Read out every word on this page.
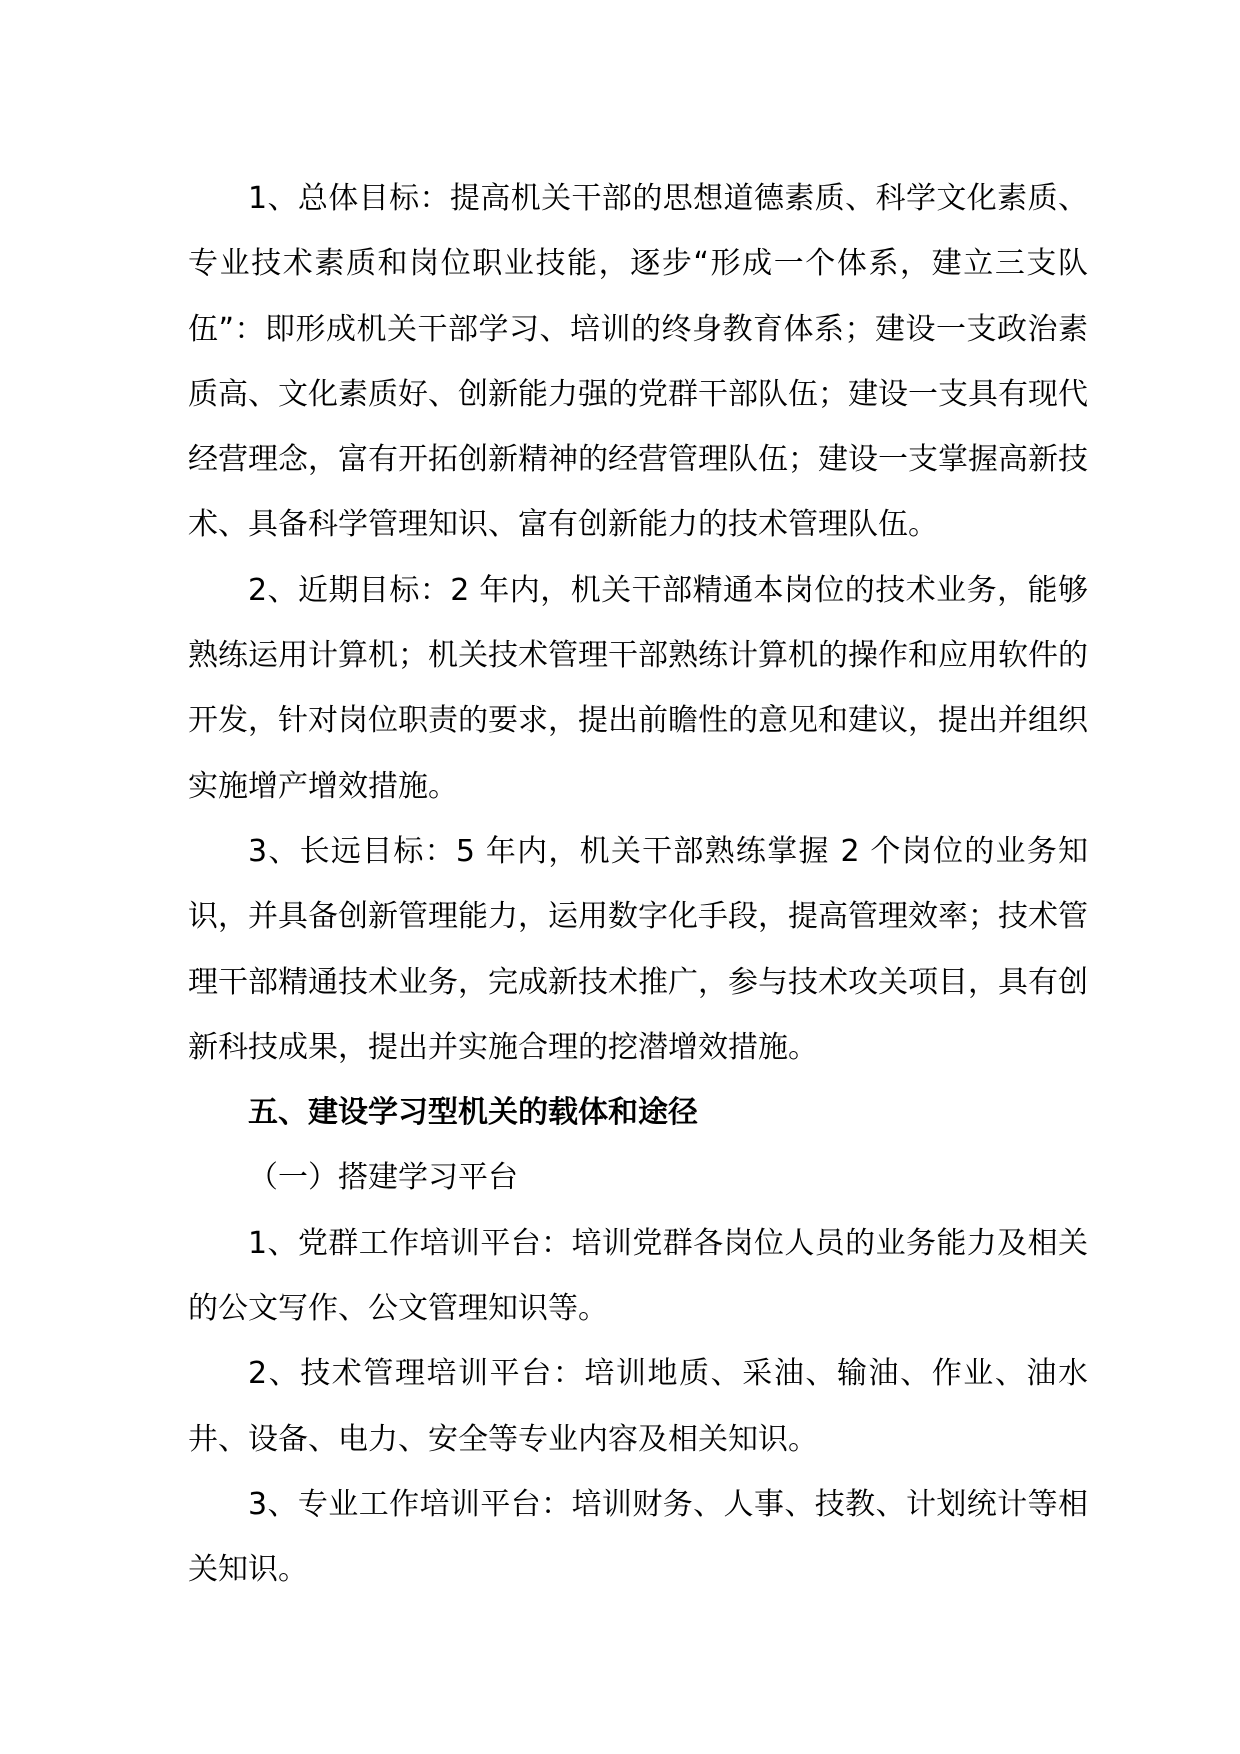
1、总体目标：提高机关干部的思想道德素质、科学文化素质、专业技术素质和岗位职业技能，逐步“形成一个体系，建立三支队伍”：即形成机关干部学习、培训的终身教育体系；建设一支政治素质高、文化素质好、创新能力强的党群干部队伍；建设一支具有现代经营理念，富有开拓创新精神的经营管理队伍；建设一支掌握高新技术、具备科学管理知识、富有创新能力的技术管理队伍。

2、近期目标：2 年内，机关干部精通本岗位的技术业务，能够熟练运用计算机；机关技术管理干部熟练计算机的操作和应用软件的开发，针对岗位职责的要求，提出前瞻性的意见和建议，提出并组织实施增产增效措施。

3、长远目标：5 年内，机关干部熟练掌握 2 个岗位的业务知识，并具备创新管理能力，运用数字化手段，提高管理效率；技术管理干部精通技术业务，完成新技术推广，参与技术攻关项目，具有创新科技成果，提出并实施合理的挖潜增效措施。

五、建设学习型机关的载体和途径

（一）搭建学习平台

1、党群工作培训平台：培训党群各岗位人员的业务能力及相关的公文写作、公文管理知识等。

2、技术管理培训平台：培训地质、采油、输油、作业、油水井、设备、电力、安全等专业内容及相关知识。

3、专业工作培训平台：培训财务、人事、技教、计划统计等相关知识。
